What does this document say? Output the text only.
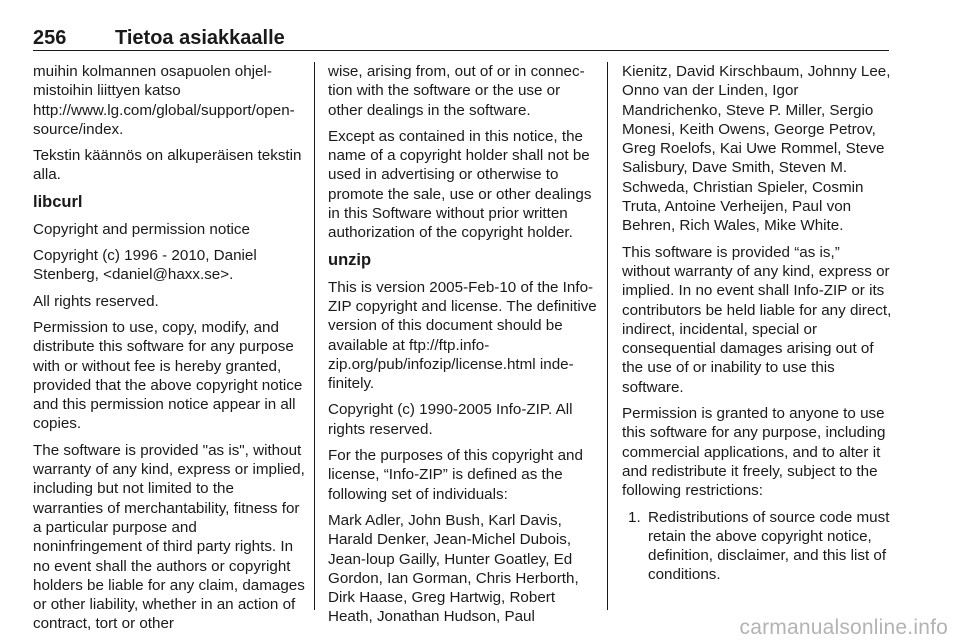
256	Tietoa asiakkaalle

muihin kolmannen osapuolen ohjelmistoihin liittyen katso http://www.lg.com/global/support/opensource/index.

Tekstin käännös on alkuperäisen tekstin alla.

libcurl

Copyright and permission notice

Copyright (c) 1996 - 2010, Daniel Stenberg, <daniel@haxx.se>.

All rights reserved.

Permission to use, copy, modify, and distribute this software for any purpose with or without fee is hereby granted, provided that the above copyright notice and this permission notice appear in all copies.

The software is provided "as is", without warranty of any kind, express or implied, including but not limited to the warranties of merchantability, fitness for a particular purpose and noninfringement of third party rights. In no event shall the authors or copyright holders be liable for any claim, damages or other liability, whether in an action of contract, tort or other

wise, arising from, out of or in connection with the software or the use or other dealings in the software.

Except as contained in this notice, the name of a copyright holder shall not be used in advertising or otherwise to promote the sale, use or other dealings in this Software without prior written authorization of the copyright holder.

unzip

This is version 2005-Feb-10 of the Info-ZIP copyright and license. The definitive version of this document should be available at ftp://ftp.info-zip.org/pub/infozip/license.html indefinitely.

Copyright (c) 1990-2005 Info-ZIP. All rights reserved.

For the purposes of this copyright and license, “Info-ZIP” is defined as the following set of individuals:

Mark Adler, John Bush, Karl Davis, Harald Denker, Jean-Michel Dubois, Jean-loup Gailly, Hunter Goatley, Ed Gordon, Ian Gorman, Chris Herborth, Dirk Haase, Greg Hartwig, Robert Heath, Jonathan Hudson, Paul

Kienitz, David Kirschbaum, Johnny Lee, Onno van der Linden, Igor Mandrichenko, Steve P. Miller, Sergio Monesi, Keith Owens, George Petrov, Greg Roelofs, Kai Uwe Rommel, Steve Salisbury, Dave Smith, Steven M. Schweda, Christian Spieler, Cosmin Truta, Antoine Verheijen, Paul von Behren, Rich Wales, Mike White.

This software is provided “as is,” without warranty of any kind, express or implied. In no event shall Info-ZIP or its contributors be held liable for any direct, indirect, incidental, special or consequential damages arising out of the use of or inability to use this software.

Permission is granted to anyone to use this software for any purpose, including commercial applications, and to alter it and redistribute it freely, subject to the following restrictions:

1. Redistributions of source code must retain the above copyright notice, definition, disclaimer, and this list of conditions.
carmanualsonline.info
